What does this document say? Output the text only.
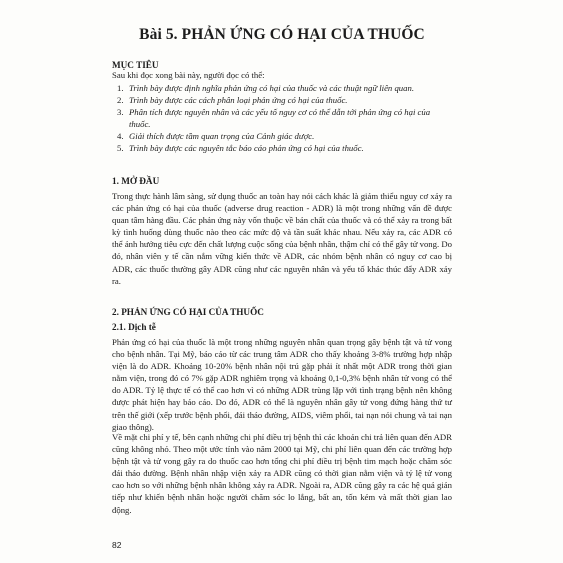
Bài 5. PHẢN ỨNG CÓ HẠI CỦA THUỐC
MỤC TIÊU
Sau khi đọc xong bài này, người đọc có thể:
1. Trình bày được định nghĩa phản ứng có hại của thuốc và các thuật ngữ liên quan.
2. Trình bày được các cách phân loại phản ứng có hại của thuốc.
3. Phân tích được nguyên nhân và các yếu tố nguy cơ có thể dẫn tới phản ứng có hại của thuốc.
4. Giải thích được tầm quan trọng của Cảnh giác dược.
5. Trình bày được các nguyên tắc báo cáo phản ứng có hại của thuốc.
1. MỞ ĐẦU
Trong thực hành lâm sàng, sử dụng thuốc an toàn hay nói cách khác là giảm thiểu nguy cơ xảy ra các phản ứng có hại của thuốc (adverse drug reaction - ADR) là một trong những vấn đề được quan tâm hàng đầu. Các phản ứng này vốn thuộc về bản chất của thuốc và có thể xảy ra trong bất kỳ tình huống dùng thuốc nào theo các mức độ và tần suất khác nhau. Nếu xảy ra, các ADR có thể ảnh hưởng tiêu cực đến chất lượng cuộc sống của bệnh nhân, thậm chí có thể gây tử vong. Do đó, nhân viên y tế cần nắm vững kiến thức về ADR, các nhóm bệnh nhân có nguy cơ cao bị ADR, các thuốc thường gây ADR cũng như các nguyên nhân và yếu tố khác thúc đẩy ADR xảy ra.
2. PHẢN ỨNG CÓ HẠI CỦA THUỐC
2.1. Dịch tễ
Phản ứng có hại của thuốc là một trong những nguyên nhân quan trọng gây bệnh tật và tử vong cho bệnh nhân. Tại Mỹ, báo cáo từ các trung tâm ADR cho thấy khoảng 3-8% trường hợp nhập viện là do ADR. Khoảng 10-20% bệnh nhân nội trú gặp phải ít nhất một ADR trong thời gian nằm viện, trong đó có 7% gặp ADR nghiêm trọng và khoảng 0,1-0,3% bệnh nhân tử vong có thể do ADR. Tỷ lệ thực tế có thể cao hơn vì có những ADR trùng lặp với tình trạng bệnh nên không được phát hiện hay báo cáo. Do đó, ADR có thể là nguyên nhân gây tử vong đứng hàng thứ tư trên thế giới (xếp trước bệnh phổi, đái tháo đường, AIDS, viêm phổi, tai nạn nói chung và tai nạn giao thông).
Về mặt chi phí y tế, bên cạnh những chi phí điều trị bệnh thì các khoản chi trả liên quan đến ADR cũng không nhỏ. Theo một ước tính vào năm 2000 tại Mỹ, chi phí liên quan đến các trường hợp bệnh tật và tử vong gây ra do thuốc cao hơn tổng chi phí điều trị bệnh tim mạch hoặc chăm sóc đái tháo đường. Bệnh nhân nhập viện xảy ra ADR cũng có thời gian nằm viện và tỷ lệ tử vong cao hơn so với những bệnh nhân không xảy ra ADR. Ngoài ra, ADR cũng gây ra các hệ quả gián tiếp như khiến bệnh nhân hoặc người chăm sóc lo lắng, bất an, tốn kém và mất thời gian lao động.
82
